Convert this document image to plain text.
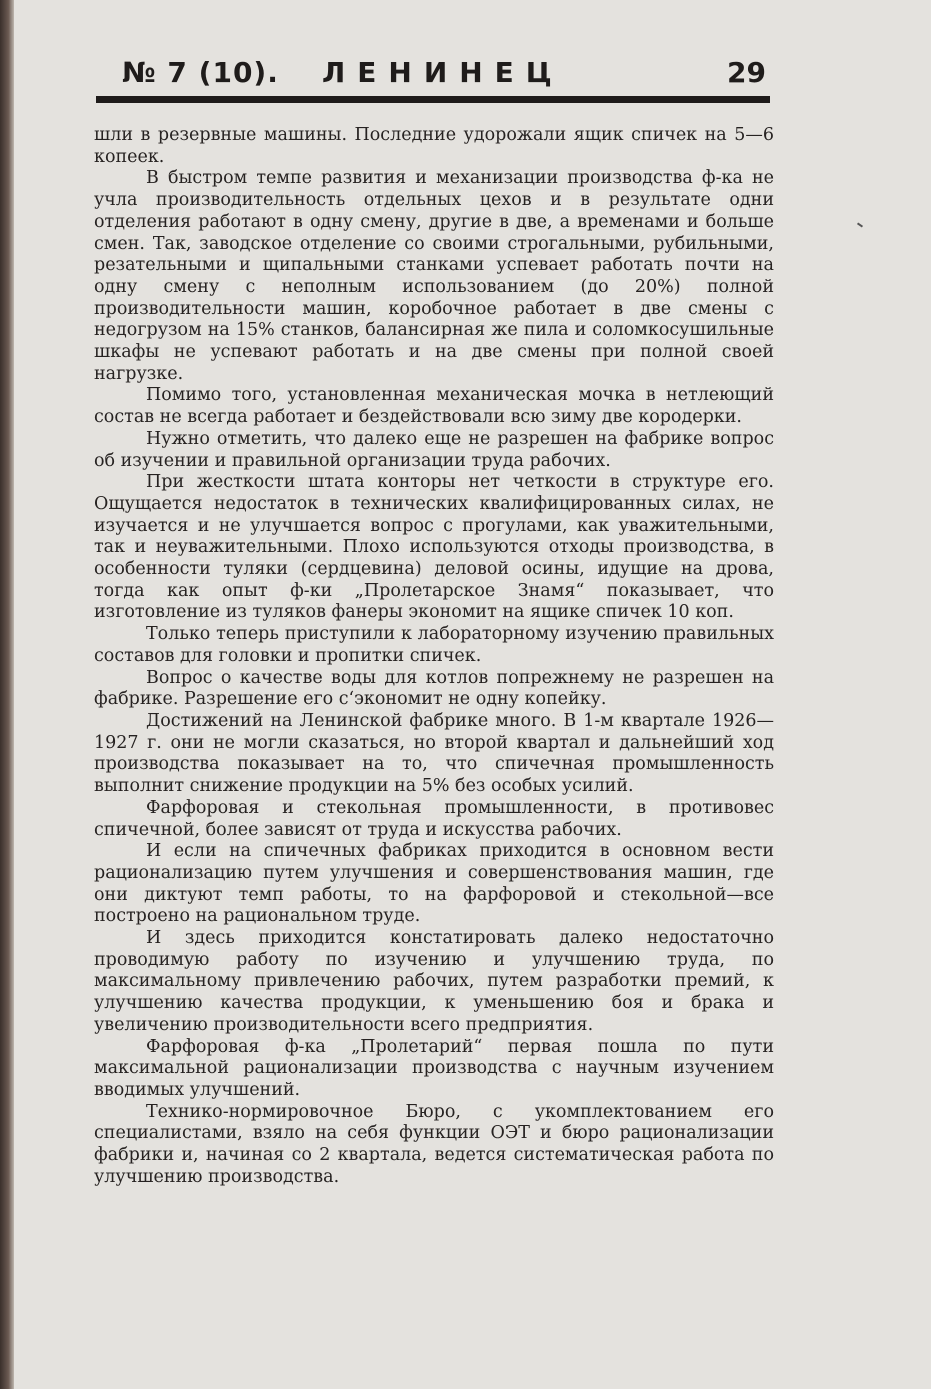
№ 7 (10). ЛЕНИНЕЦ	29

шли в резервные машины. Последние удорожали ящик спичек на 5—6 копеек.

В быстром темпе развития и механизации производства ф-ка не учла производительность отдельных цехов и в результате одни отделения работают в одну смену, другие в две, а временами и больше смен. Так, заводское отделение со своими строгальными, рубильными, резательными и щипальными станками успевает работать почти на одну смену с неполным использованием (до 20%) полной производительности машин, коробочное работает в две смены с недогрузом на 15% станков, балансирная же пила и соломкосушильные шкафы не успевают работать и на две смены при полной своей нагрузке.

Помимо того, установленная механическая мочка в нетлеющий состав не всегда работает и бездействовали всю зиму две кородерки.

Нужно отметить, что далеко еще не разрешен на фабрике вопрос об изучении и правильной организации труда рабочих.

При жесткости штата конторы нет четкости в структуре его. Ощущается недостаток в технических квалифицированных силах, не изучается и не улучшается вопрос с прогулами, как уважительными, так и неуважительными. Плохо используются отходы производства, в особенности туляки (сердцевина) деловой осины, идущие на дрова, тогда как опыт ф-ки „Пролетарское Знамя“ показывает, что изготовление из туляков фанеры экономит на ящике спичек 10 коп.

Только теперь приступили к лабораторному изучению правильных составов для головки и пропитки спичек.

Вопрос о качестве воды для котлов попрежнему не разрешен на фабрике. Разрешение его с‘экономит не одну копейку.

Достижений на Ленинской фабрике много. В 1-м квартале 1926—1927 г. они не могли сказаться, но второй квартал и дальнейший ход производства показывает на то, что спичечная промышленность выполнит снижение продукции на 5% без особых усилий.

Фарфоровая и стекольная промышленности, в противовес спичечной, более зависят от труда и искусства рабочих.

И если на спичечных фабриках приходится в основном вести рационализацию путем улучшения и совершенствования машин, где они диктуют темп работы, то на фарфоровой и стекольной—все построено на рациональном труде.

И здесь приходится констатировать далеко недостаточно проводимую работу по изучению и улучшению труда, по максимальному привлечению рабочих, путем разработки премий, к улучшению качества продукции, к уменьшению боя и брака и увеличению производительности всего предприятия.

Фарфоровая ф-ка „Пролетарий“ первая пошла по пути максимальной рационализации производства с научным изучением вводимых улучшений.

Технико-нормировочное Бюро, с укомплектованием его специалистами, взяло на себя функции ОЭТ и бюро рационализации фабрики и, начиная со 2 квартала, ведется систематическая работа по улучшению производства.
